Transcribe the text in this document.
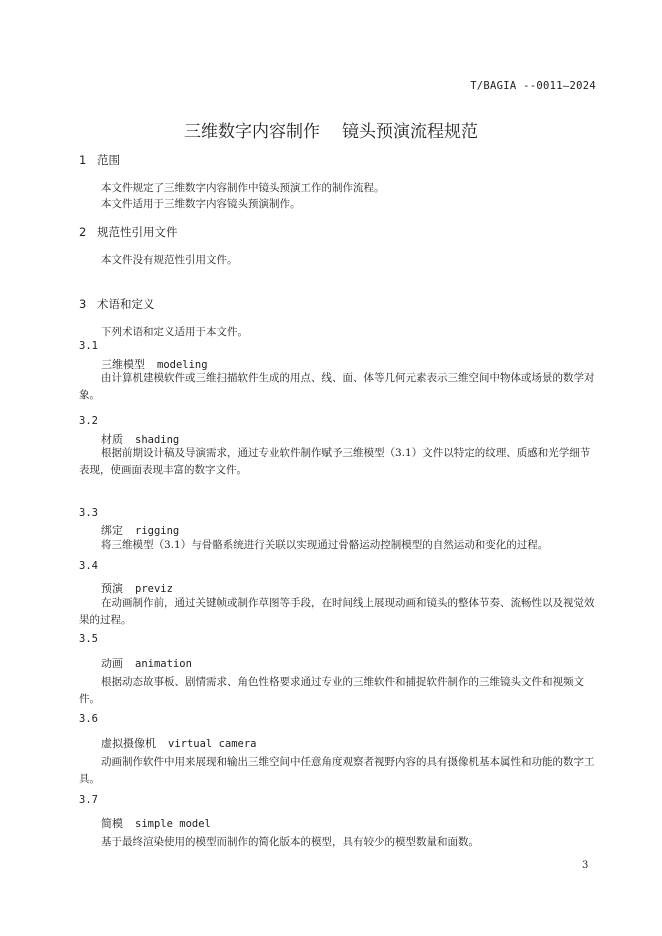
T/BAGIA --0011—2024
三维数字内容制作 镜头预演流程规范
1 范围
本文件规定了三维数字内容制作中镜头预演工作的制作流程。
本文件适用于三维数字内容镜头预演制作。
2 规范性引用文件
本文件没有规范性引用文件。
3 术语和定义
下列术语和定义适用于本文件。
3.1
三维模型 modeling
由计算机建模软件或三维扫描软件生成的用点、线、面、体等几何元素表示三维空间中物体或场景的数学对象。
3.2
材质 shading
根据前期设计稿及导演需求，通过专业软件制作赋予三维模型（3.1）文件以特定的纹理、质感和光学细节表现，使画面表现丰富的数字文件。
3.3
绑定 rigging
将三维模型（3.1）与骨骼系统进行关联以实现通过骨骼运动控制模型的自然运动和变化的过程。
3.4
预演 previz
在动画制作前，通过关键帧或制作草图等手段，在时间线上展现动画和镜头的整体节奏、流畅性以及视觉效果的过程。
3.5
动画 animation
根据动态故事板、剧情需求、角色性格要求通过专业的三维软件和捕捉软件制作的三维镜头文件和视频文件。
3.6
虚拟摄像机 virtual camera
动画制作软件中用来展现和输出三维空间中任意角度观察者视野内容的具有摄像机基本属性和功能的数字工具。
3.7
简模 simple model
基于最终渲染使用的模型而制作的简化版本的模型，具有较少的模型数量和面数。
3
